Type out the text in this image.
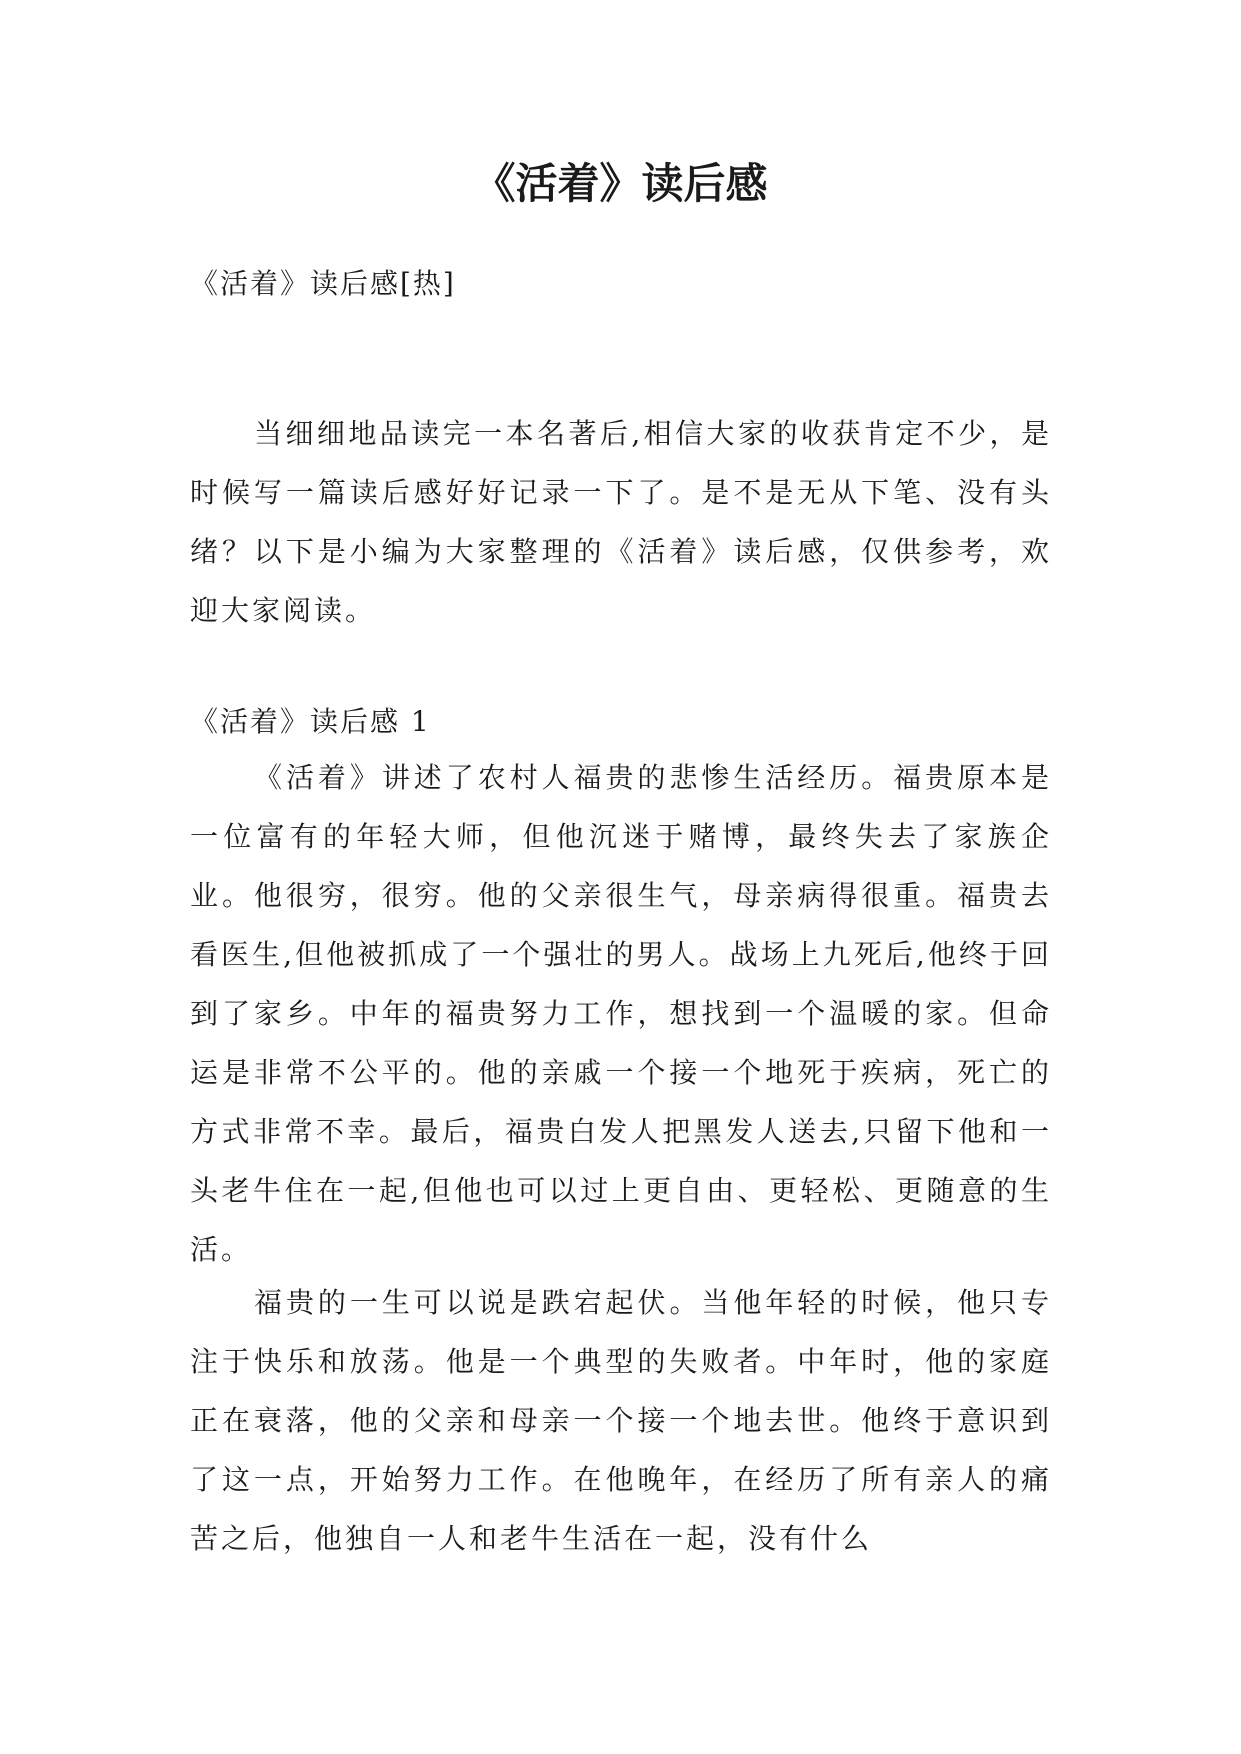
《活着》读后感

《活着》读后感[热]

当细细地品读完一本名著后,相信大家的收获肯定不少，是时候写一篇读后感好好记录一下了。是不是无从下笔、没有头绪？以下是小编为大家整理的《活着》读后感，仅供参考，欢迎大家阅读。

《活着》读后感 1

《活着》讲述了农村人福贵的悲惨生活经历。福贵原本是一位富有的年轻大师，但他沉迷于赌博，最终失去了家族企业。他很穷，很穷。他的父亲很生气，母亲病得很重。福贵去看医生,但他被抓成了一个强壮的男人。战场上九死后,他终于回到了家乡。中年的福贵努力工作，想找到一个温暖的家。但命运是非常不公平的。他的亲戚一个接一个地死于疾病，死亡的方式非常不幸。最后，福贵白发人把黑发人送去,只留下他和一头老牛住在一起,但他也可以过上更自由、更轻松、更随意的生活。

福贵的一生可以说是跌宕起伏。当他年轻的时候，他只专注于快乐和放荡。他是一个典型的失败者。中年时，他的家庭正在衰落，他的父亲和母亲一个接一个地去世。他终于意识到了这一点，开始努力工作。在他晚年，在经历了所有亲人的痛苦之后，他独自一人和老牛生活在一起，没有什么
